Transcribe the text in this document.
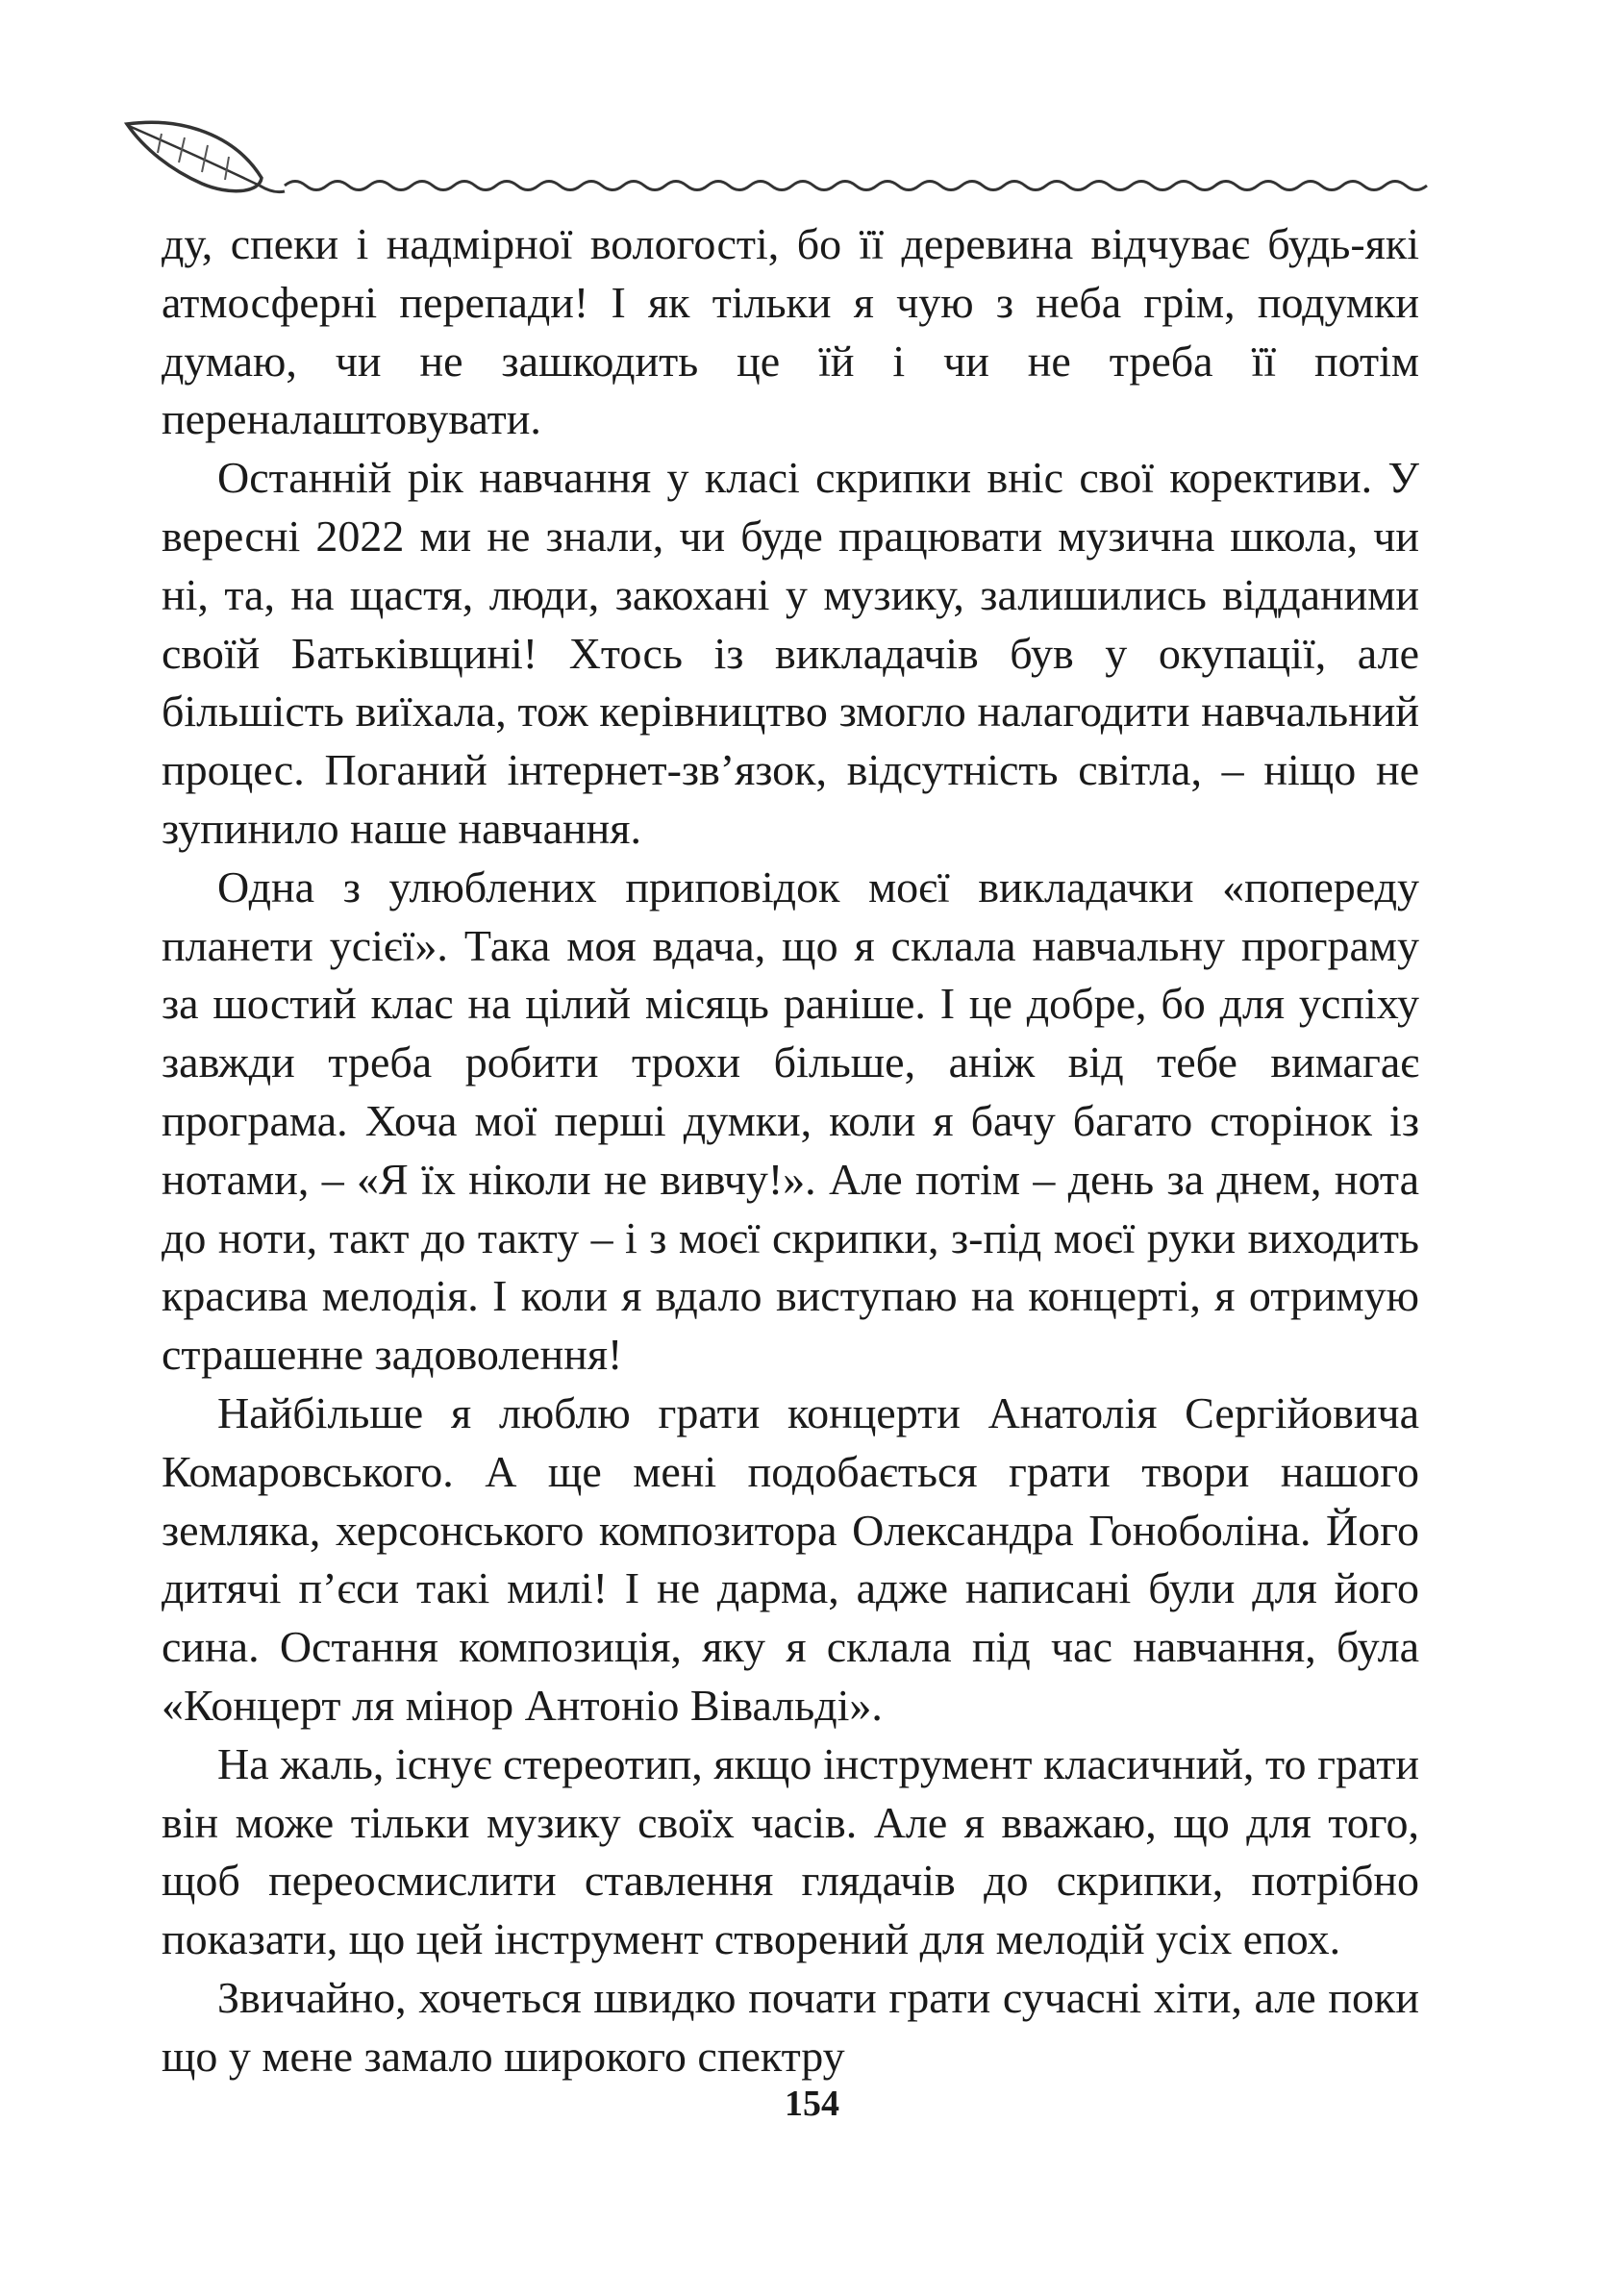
ду, спеки і надмірної вологості, бо її деревина відчуває будь-які атмосферні перепади! І як тільки я чую з неба грім, подумки думаю, чи не зашкодить це їй і чи не треба її потім переналаштовувати.

Останній рік навчання у класі скрипки вніс свої корективи. У вересні 2022 ми не знали, чи буде працювати музична школа, чи ні, та, на щастя, люди, закохані у музику, залишились відданими своїй Батьківщині! Хтось із викладачів був у окупації, але більшість виїхала, тож керівництво змогло налагодити навчальний процес. Поганий інтернет-зв’язок, відсутність світла, – ніщо не зупинило наше навчання.

Одна з улюблених приповідок моєї викладачки «попереду планети усієї». Така моя вдача, що я склала навчальну програму за шостий клас на цілий місяць раніше. І це добре, бо для успіху завжди треба робити трохи більше, аніж від тебе вимагає програма. Хоча мої перші думки, коли я бачу багато сторінок із нотами, – «Я їх ніколи не вивчу!». Але потім – день за днем, нота до ноти, такт до такту – і з моєї скрипки, з-під моєї руки виходить красива мелодія. І коли я вдало виступаю на концерті, я отримую страшенне задоволення!

Найбільше я люблю грати концерти Анатолія Сергійовича Комаровського. А ще мені подобається грати твори нашого земляка, херсонського композитора Олександра Гоноболіна. Його дитячі п’єси такі милі! І не дарма, адже написані були для його сина. Остання композиція, яку я склала під час навчання, була «Концерт ля мінор Антоніо Вівальді».

На жаль, існує стереотип, якщо інструмент класичний, то грати він може тільки музику своїх часів. Але я вважаю, що для того, щоб переосмислити ставлення глядачів до скрипки, потрібно показати, що цей інструмент створений для мелодій усіх епох.

Звичайно, хочеться швидко почати грати сучасні хіти, але поки що у мене замало широкого спектру

154
